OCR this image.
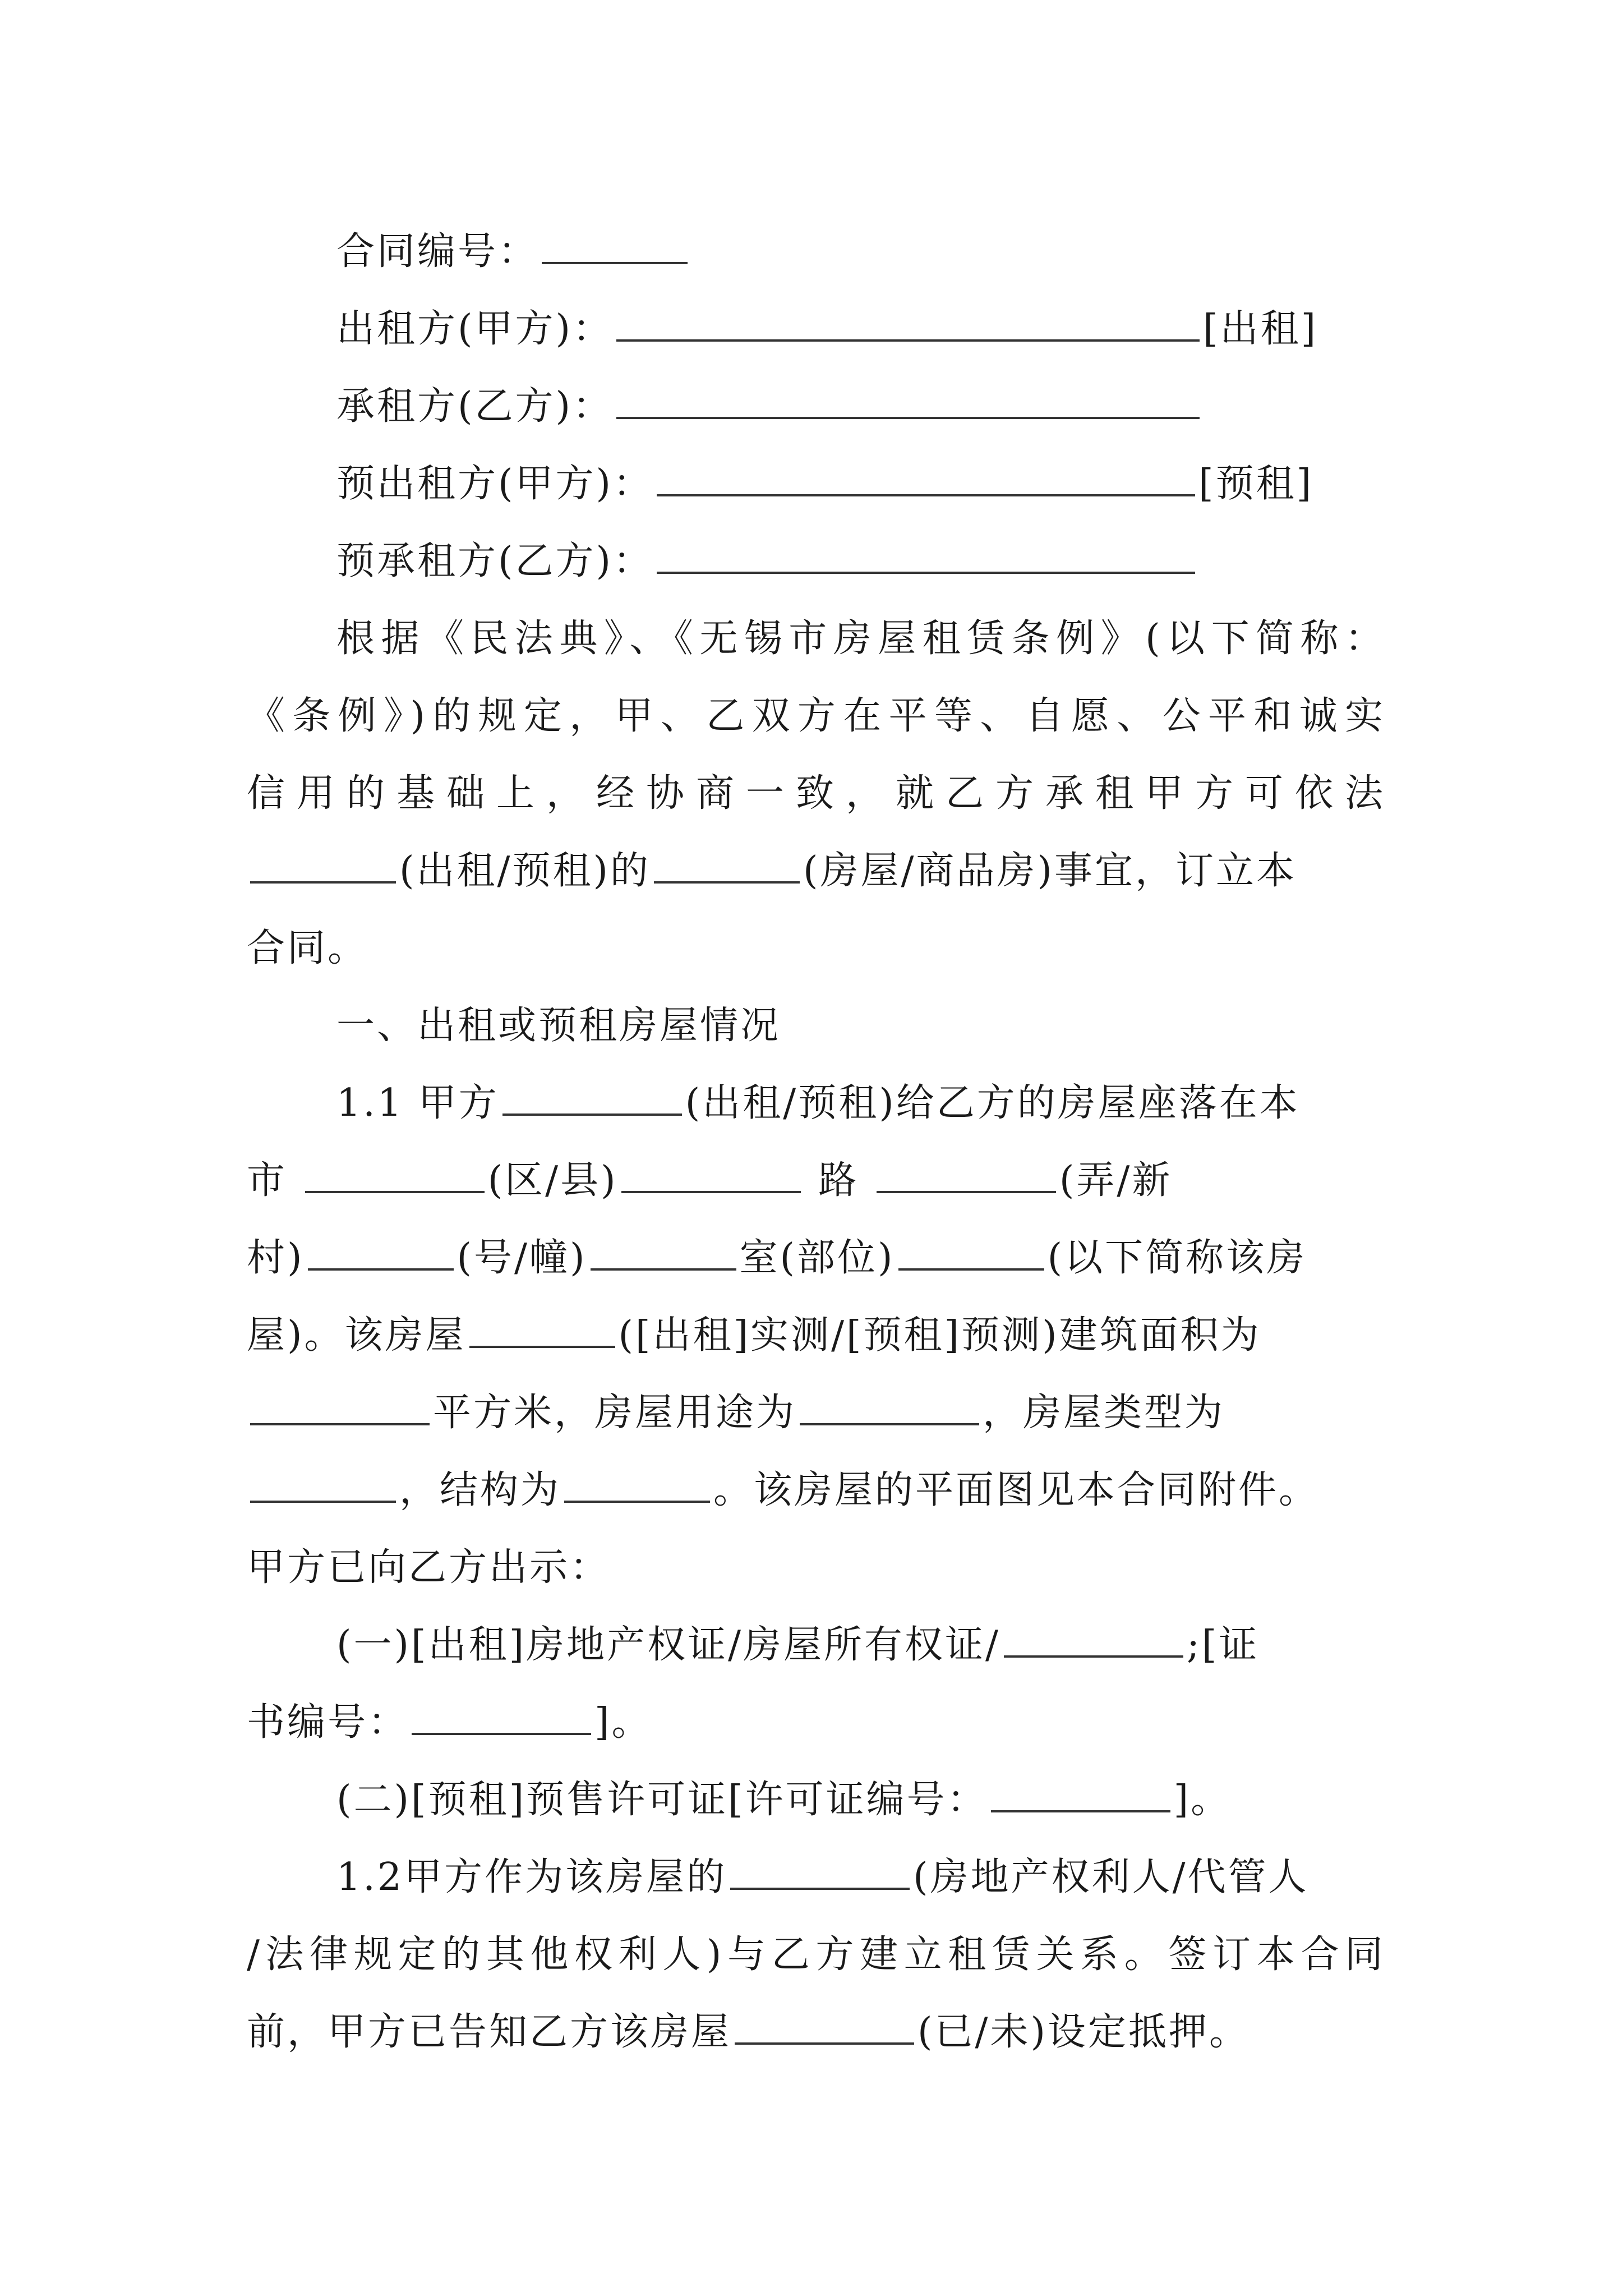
合同编号：
出租方(甲方)：	[出租]
承租方(乙方)：
预出租方(甲方)：	[预租]
预承租方(乙方)：
根据《民法典》、《无锡市房屋租赁条例》(以下简称：
《条例》)的规定，甲、乙双方在平等、自愿、公平和诚实
信用的基础上，经协商一致，就乙方承租甲方可依法
(出租/预租)的	(房屋/商品房)事宜，订立本
合同。
一、出租或预租房屋情况
1.1 甲方	(出租/预租)给乙方的房屋座落在本
市	(区/县)	路	(弄/新
村)	(号/幢)	室(部位)	(以下简称该房
屋)。该房屋	([出租]实测/[预租]预测)建筑面积为
平方米，房屋用途为	，房屋类型为
，结构为	。该房屋的平面图见本合同附件。
甲方已向乙方出示：
(一)[出租]房地产权证/房屋所有权证/	;[证
书编号：	]。
(二)[预租]预售许可证[许可证编号：	]。
1.2甲方作为该房屋的	(房地产权利人/代管人
/法律规定的其他权利人)与乙方建立租赁关系。签订本合同
前，甲方已告知乙方该房屋	(已/未)设定抵押。
